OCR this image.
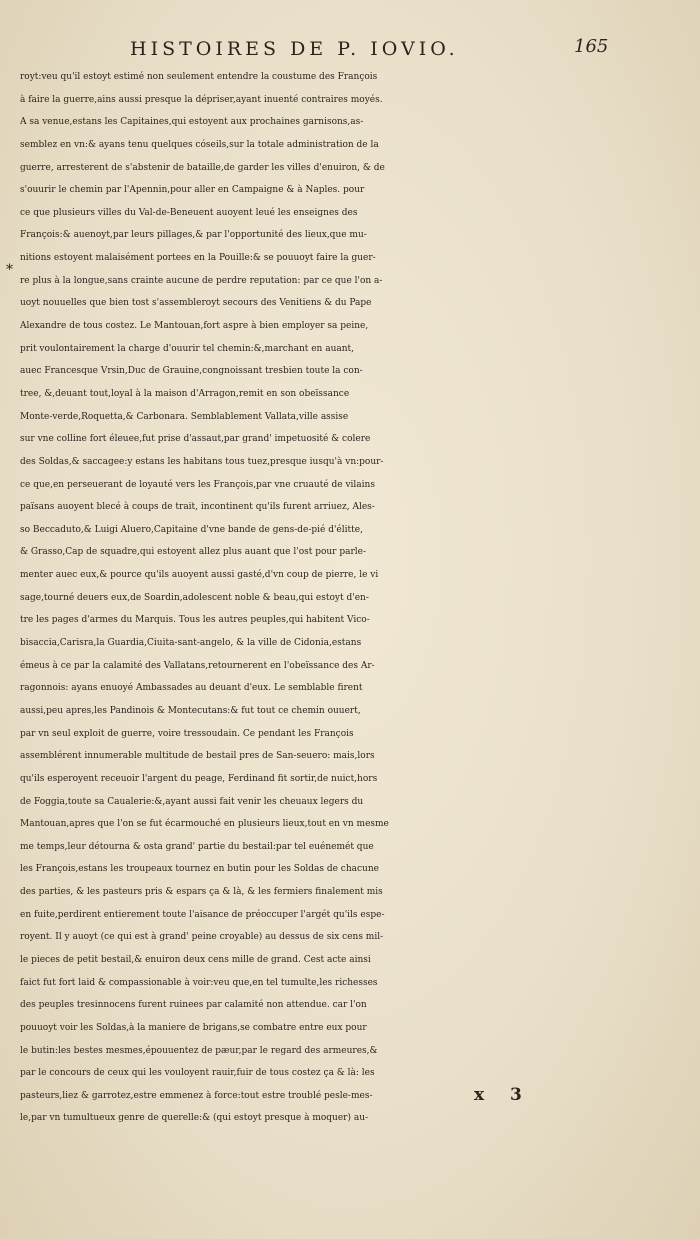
HISTOIRES DE P. IOVIO.	165
*
royt:veu qu'il estoyt estimé non seulement entendre la coustume des François
à faire la guerre,ains aussi presque la dépriser,ayant inuenté contraires moyés.
A sa venue,estans les Capitaines,qui estoyent aux prochaines garnisons,as-
semblez en vn:& ayans tenu quelques cóseils,sur la totale administration de la
guerre, arresterent de s'abstenir de bataille,de garder les villes d'enuiron, & de
s'ouurir le chemin par l'Apennin,pour aller en Campaigne & à Naples. pour
ce que plusieurs villes du Val-de-Beneuent auoyent leué les enseignes des
François:& auenoyt,par leurs pillages,& par l'opportunité des lieux,que mu-
nitions estoyent malaisément portees en la Pouille:& se pouuoyt faire la guer-
re plus à la longue,sans crainte aucune de perdre reputation: par ce que l'on a-
uoyt nouuelles que bien tost s'assembleroyt secours des Venitiens & du Pape
Alexandre de tous costez. Le Mantouan,fort aspre à bien employer sa peine,
prit voulontairement la charge d'ouurir tel chemin:&,marchant en auant,
auec Francesque Vrsin,Duc de Grauine,congnoissant tresbien toute la con-
tree, &,deuant tout,loyal à la maison d'Arragon,remit en son obeïssance
Monte-verde,Roquetta,& Carbonara. Semblablement Vallata,ville assise
sur vne colline fort éleuee,fut prise d'assaut,par grand' impetuosité & colere
des Soldas,& saccagee:y estans les habitans tous tuez,presque iusqu'à vn:pour-
ce que,en perseuerant de loyauté vers les François,par vne cruauté de vilains
païsans auoyent blecé à coups de trait, incontinent qu'ils furent arriuez, Ales-
so Beccaduto,& Luigi Aluero,Capitaine d'vne bande de gens-de-pié d'élitte,
& Grasso,Cap de squadre,qui estoyent allez plus auant que l'ost pour parle-
menter auec eux,& pource qu'ils auoyent aussi gasté,d'vn coup de pierre, le vi
sage,tourné deuers eux,de Soardin,adolescent noble & beau,qui estoyt d'en-
tre les pages d'armes du Marquis. Tous les autres peuples,qui habitent Vico-
bisaccia,Carisra,la Guardia,Ciuita-sant-angelo, & la ville de Cidonia,estans
émeus à ce par la calamité des Vallatans,retournerent en l'obeïssance des Ar-
ragonnois: ayans enuoyé Ambassades au deuant d'eux. Le semblable firent
aussi,peu apres,les Pandinois & Montecutans:& fut tout ce chemin ouuert,
par vn seul exploit de guerre, voire tressoudain. Ce pendant les François
assemblérent innumerable multitude de bestail pres de San-seuero: mais,lors
qu'ils esperoyent receuoir l'argent du peage, Ferdinand fit sortir,de nuict,hors
de Foggia,toute sa Caualerie:&,ayant aussi fait venir les cheuaux legers du
Mantouan,apres que l'on se fut écarmouché en plusieurs lieux,tout en vn mesme
me temps,leur détourna & osta grand' partie du bestail:par tel euénemét que
les François,estans les troupeaux tournez en butin pour les Soldas de chacune
des parties, & les pasteurs pris & espars ça & là, & les fermiers finalement mis
en fuite,perdirent entierement toute l'aisance de préoccuper l'argét qu'ils espe-
royent. Il y auoyt (ce qui est à grand' peine croyable) au dessus de six cens mil-
le pieces de petit bestail,& enuiron deux cens mille de grand. Cest acte ainsi
faict fut fort laid & compassionable à voir:veu que,en tel tumulte,les richesses
des peuples tresinnocens furent ruinees par calamité non attendue. car l'on
pouuoyt voir les Soldas,à la maniere de brigans,se combatre entre eux pour
le butin:les bestes mesmes,épouuentez de pæur,par le regard des armeures,&
par le concours de ceux qui les vouloyent rauir,fuir de tous costez ça & là: les
pasteurs,liez & garrotez,estre emmenez à force:tout estre troublé pesle-mes-
le,par vn tumultueux genre de querelle:& (qui estoyt presque à moquer) au-
x 3
